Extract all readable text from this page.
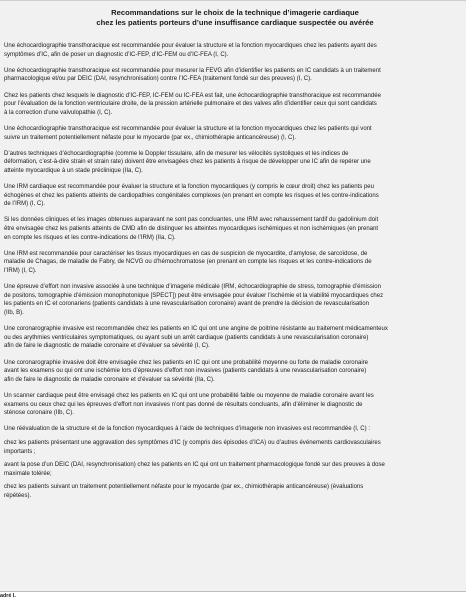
Recommandations sur le choix de la technique d’imagerie cardiaque
chez les patients porteurs d’une insuffisance cardiaque suspectée ou avérée

Une échocardiographie transthoracique est recommandée pour évaluer la structure et la fonction myocardiques chez les patients ayant des

symptômes d’IC, afin de poser un diagnostic d’IC-FEP, d’IC-FEM ou d’IC-FEA (I, C).

Une échocardiographie transthoracique est recommandée pour mesurer la FEVG afin d’identifier les patients en IC candidats à un traitement

pharmacologique et/ou par DEIC (DAI, resynchronisation) contre l’IC-FEA (traitement fondé sur des preuves) (I, C).

Chez les patients chez lesquels le diagnostic d’IC-FEP, IC-FEM ou IC-FEA est fait, une échocardiographie transthoracique est recommandée

pour l’évaluation de la fonction ventriculaire droite, de la pression artérielle pulmonaire et des valves afin d’identifier ceux qui sont candidats

à la correction d’une valvulopathie (I, C).

Une échocardiographie transthoracique est recommandée pour évaluer la structure et la fonction myocardiques chez les patients qui vont

suivre un traitement potentiellement néfaste pour le myocarde (par ex., chimiothérapie anticancéreuse) (I, C).

D’autres techniques d’échocardiographie (comme le Doppler tissulaire, afin de mesurer les vélocités systoliques et les indices de

déformation, c’est-à-dire strain et strain rate) doivent être envisagées chez les patients à risque de développer une IC afin de repérer une

atteinte myocardique à un stade préclinique (IIa, C).

Une IRM cardiaque est recommandée pour évaluer la structure et la fonction myocardiques (y compris le cœur droit) chez les patients peu

échogènes et chez les patients atteints de cardiopathies congénitales complexes (en prenant en compte les risques et les contre-indications

de l’IRM) (I, C).

Si les données cliniques et les images obtenues auparavant ne sont pas concluantes, une IRM avec rehaussement tardif du gadolinium doit

être envisagée chez les patients atteints de CMD afin de distinguer les atteintes myocardiques ischémiques et non ischémiques (en prenant

en compte les risques et les contre-indications de l’IRM) (IIa, C).

Une IRM est recommandée pour caractériser les tissus myocardiques en cas de suspicion de myocardite, d’amylose, de sarcoïdose, de

maladie de Chagas, de maladie de Fabry, de NCVG ou d’hémochromatose (en prenant en compte les risques et les contre-indications de

l’IRM) (I, C).

Une épreuve d’effort non invasive associée à une technique d’imagerie médicale (IRM, échocardiographie de stress, tomographie d’émission

de positons, tomographie d’émission monophotonique [SPECT]) peut être envisagée pour évaluer l’ischémie et la viabilité myocardiques chez

les patients en IC et coronariens (patients candidats à une revascularisation coronaire) avant de prendre la décision de revascularisation

(IIb, B).

Une coronarographie invasive est recommandée chez les patients en IC qui ont une angine de poitrine résistante au traitement médicamenteux

ou des arythmies ventriculaires symptomatiques, ou ayant subi un arrêt cardiaque (patients candidats à une revascularisation coronaire)

afin de faire le diagnostic de maladie coronaire et d’évaluer sa sévérité (I, C).

Une coronarographie invasive doit être envisagée chez les patients en IC qui ont une probabilité moyenne ou forte de maladie coronaire

avant les examens ou qui ont une ischémie lors d’épreuves d’effort non invasives (patients candidats à une revascularisation coronaire)

afin de faire le diagnostic de maladie coronaire et d’évaluer sa sévérité (IIa, C).

Un scanner cardiaque peut être envisagé chez les patients en IC qui ont une probabilité faible ou moyenne de maladie coronaire avant les

examens ou ceux chez qui les épreuves d’effort non invasives n’ont pas donné de résultats concluants, afin d’éliminer le diagnostic de

sténose coronaire (IIb, C).

Une réévaluation de la structure et de la fonction myocardiques à l’aide de techniques d’imagerie non invasives est recommandée (I, C) :

chez les patients présentant une aggravation des symptômes d’IC (y compris des épisodes d’ICA) ou d’autres événements cardiovasculaires

importants ;

avant la pose d’un DEIC (DAI, resynchronisation) chez les patients en IC qui ont un traitement pharmacologique fondé sur des preuves à dose

maximale tolérée;

chez les patients suivant un traitement potentiellement néfaste pour le myocarde (par ex., chimiothérapie anticancéreuse) (évaluations

répétées).

adré I.
